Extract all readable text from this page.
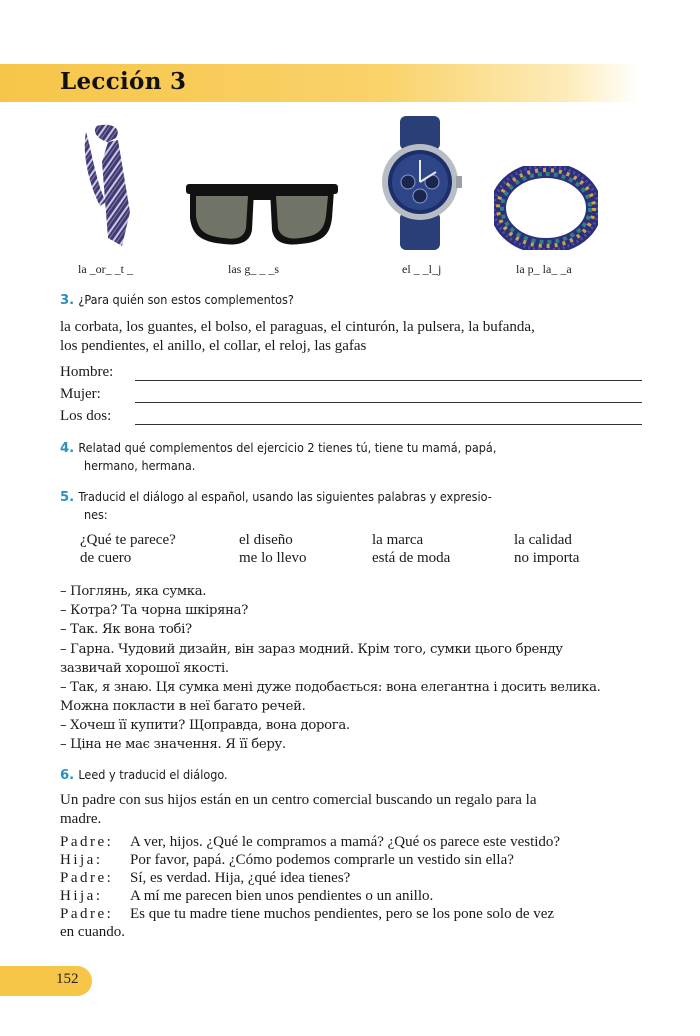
Lección 3
la _or_ _t _	las g_ _ _s	el _ _l_j	la p_ la_ _a
3. ¿Para quién son estos complementos?
la corbata, los guantes, el bolso, el paraguas, el cinturón, la pulsera, la bufanda,
los pendientes, el anillo, el collar, el reloj, las gafas
Hombre:
Mujer:
Los dos:
4. Relatad qué complementos del ejercicio 2 tienes tú, tiene tu mamá, papá,
hermano, hermana.
5. Traducid el diálogo al español, usando las siguientes palabras y expresio-
nes:
¿Qué te parece?	el diseño	la marca	la calidad
de cuero	me lo llevo	está de moda	no importa
– Поглянь, яка сумка.
– Котра? Та чорна шкіряна?
– Так. Як вона тобі?
– Гарна. Чудовий дизайн, він зараз модний. Крім того, сумки цього бренду
зазвичай хорошої якості.
– Так, я знаю. Ця сумка мені дуже подобається: вона елегантна і досить велика.
Можна покласти в неї багато речей.
– Хочеш її купити? Щоправда, вона дорога.
– Ціна не має значення. Я її беру.
6. Leed y traducid el diálogo.
Un padre con sus hijos están en un centro comercial buscando un regalo para la
madre.
Padre: A ver, hijos. ¿Qué le compramos a mamá? ¿Qué os parece este vestido?
Hija: Por favor, papá. ¿Cómo podemos comprarle un vestido sin ella?
Padre: Sí, es verdad. Hija, ¿qué idea tienes?
Hija: A mí me parecen bien unos pendientes o un anillo.
Padre: Es que tu madre tiene muchos pendientes, pero se los pone solo de vez
en cuando.
152
